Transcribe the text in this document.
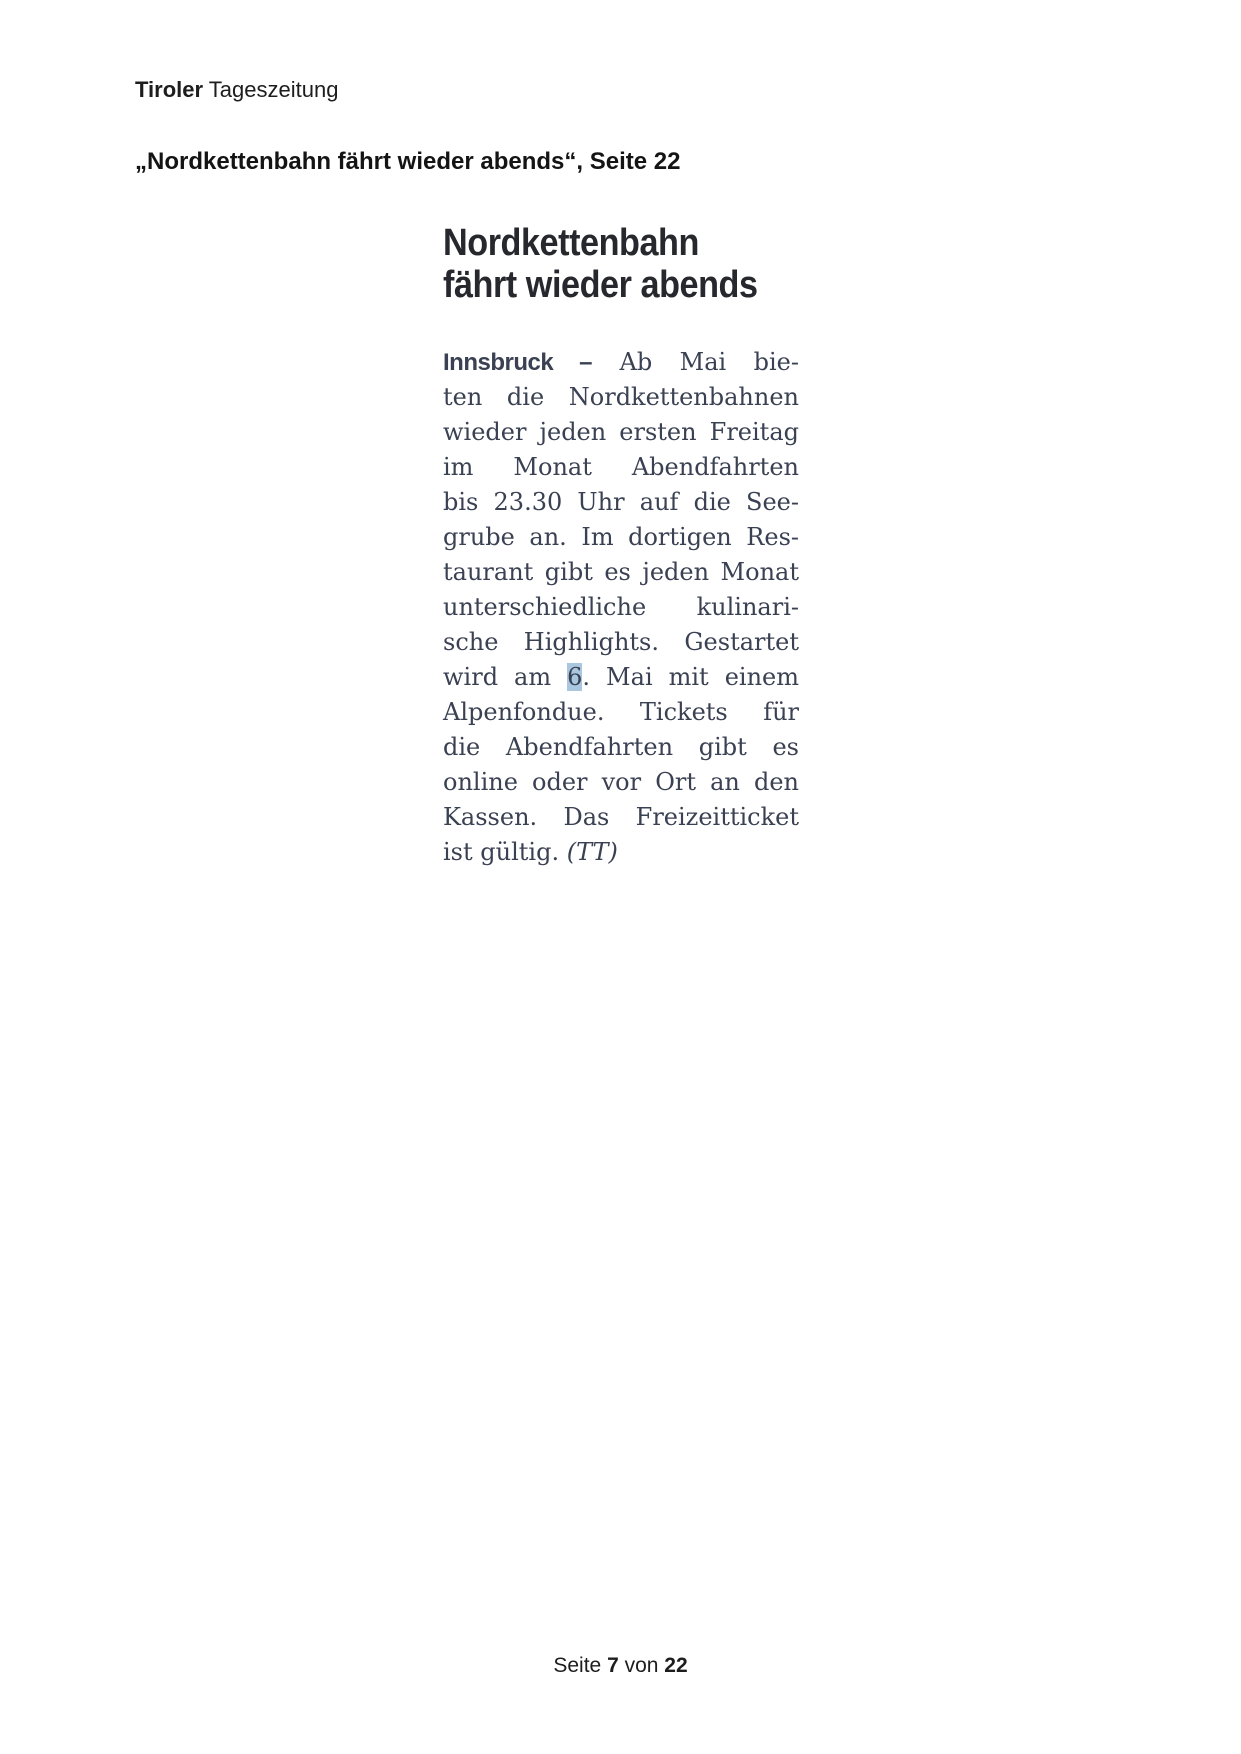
Tiroler Tageszeitung
„Nordkettenbahn fährt wieder abends“, Seite 22
Nordkettenbahn
fährt wieder abends
Innsbruck – Ab Mai bie-
ten die Nordkettenbahnen
wieder jeden ersten Freitag
im Monat Abendfahrten
bis 23.30 Uhr auf die See-
grube an. Im dortigen Res-
taurant gibt es jeden Monat
unterschiedliche kulinari-
sche Highlights. Gestartet
wird am 6. Mai mit einem
Alpenfondue. Tickets für
die Abendfahrten gibt es
online oder vor Ort an den
Kassen. Das Freizeitticket
ist gültig. (TT)
Seite 7 von 22
